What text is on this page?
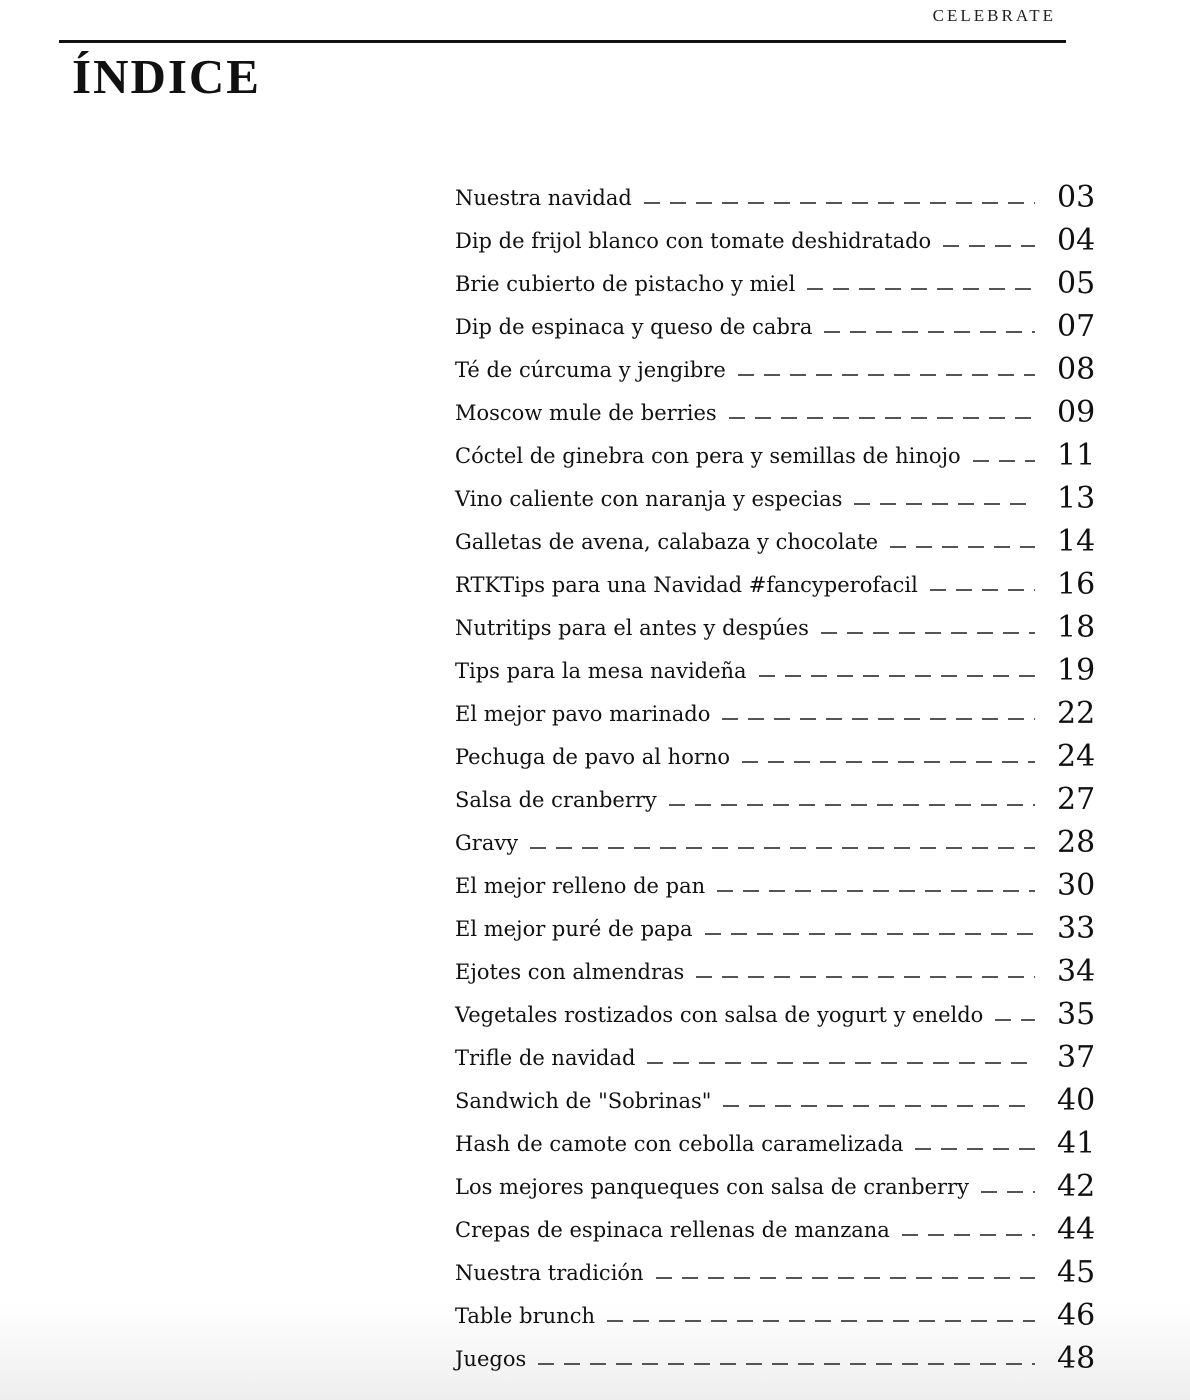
CELEBRATE
ÍNDICE
Nuestra navidad	03
Dip de frijol blanco con tomate deshidratado	04
Brie cubierto de pistacho y miel	05
Dip de espinaca y queso de cabra	07
Té de cúrcuma y jengibre	08
Moscow mule de berries	09
Cóctel de ginebra con pera y semillas de hinojo	11
Vino caliente con naranja y especias	13
Galletas de avena, calabaza y chocolate	14
RTKTips para una Navidad #fancyperofacil	16
Nutritips para el antes y despúes	18
Tips para la mesa navideña	19
El mejor pavo marinado	22
Pechuga de pavo al horno	24
Salsa de cranberry	27
Gravy	28
El mejor relleno de pan	30
El mejor puré de papa	33
Ejotes con almendras	34
Vegetales rostizados con salsa de yogurt y eneldo 35
Trifle de navidad	37
Sandwich de "Sobrinas"	40
Hash de camote con cebolla caramelizada	41
Los mejores panqueques con salsa de cranberry	42
Crepas de espinaca rellenas de manzana	44
Nuestra tradición	45
Table brunch	46
Juegos	48
